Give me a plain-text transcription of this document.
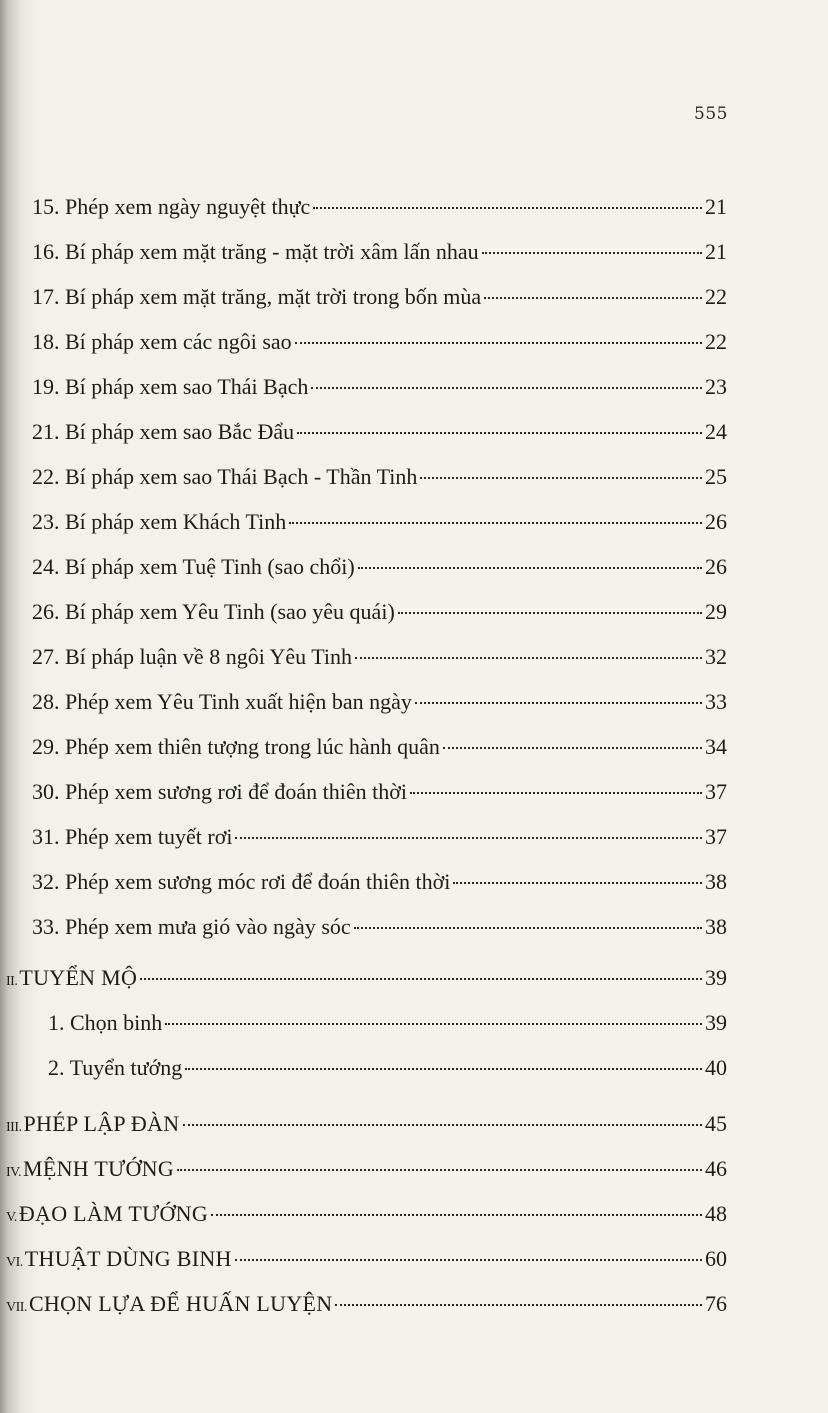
555
15. Phép xem ngày nguyệt thực	21
16. Bí pháp xem mặt trăng - mặt trời xâm lấn nhau	21
17. Bí pháp xem mặt trăng, mặt trời trong bốn mùa	22
18. Bí pháp xem các ngôi sao	22
19. Bí pháp xem sao Thái Bạch	23
21. Bí pháp xem sao Bắc Đẩu	24
22. Bí pháp xem sao Thái Bạch - Thần Tinh	25
23. Bí pháp xem Khách Tinh	26
24. Bí pháp xem Tuệ Tinh (sao chổi)	26
26. Bí pháp xem Yêu Tinh (sao yêu quái)	29
27. Bí pháp luận về 8 ngôi Yêu Tinh	32
28. Phép xem Yêu Tinh xuất hiện ban ngày	33
29. Phép xem thiên tượng trong lúc hành quân	34
30. Phép xem sương rơi để đoán thiên thời	37
31. Phép xem tuyết rơi	37
32. Phép xem sương móc rơi để đoán thiên thời	38
33. Phép xem mưa gió vào ngày sóc	38
II. TUYỂN MỘ	39
1. Chọn binh	39
2. Tuyển tướng	40
III. PHÉP LẬP ĐÀN	45
IV. MỆNH TƯỚNG	46
V. ĐẠO LÀM TƯỚNG	48
VI. THUẬT DÙNG BINH	60
VII. CHỌN LỰA ĐỂ HUẤN LUYỆN	76
